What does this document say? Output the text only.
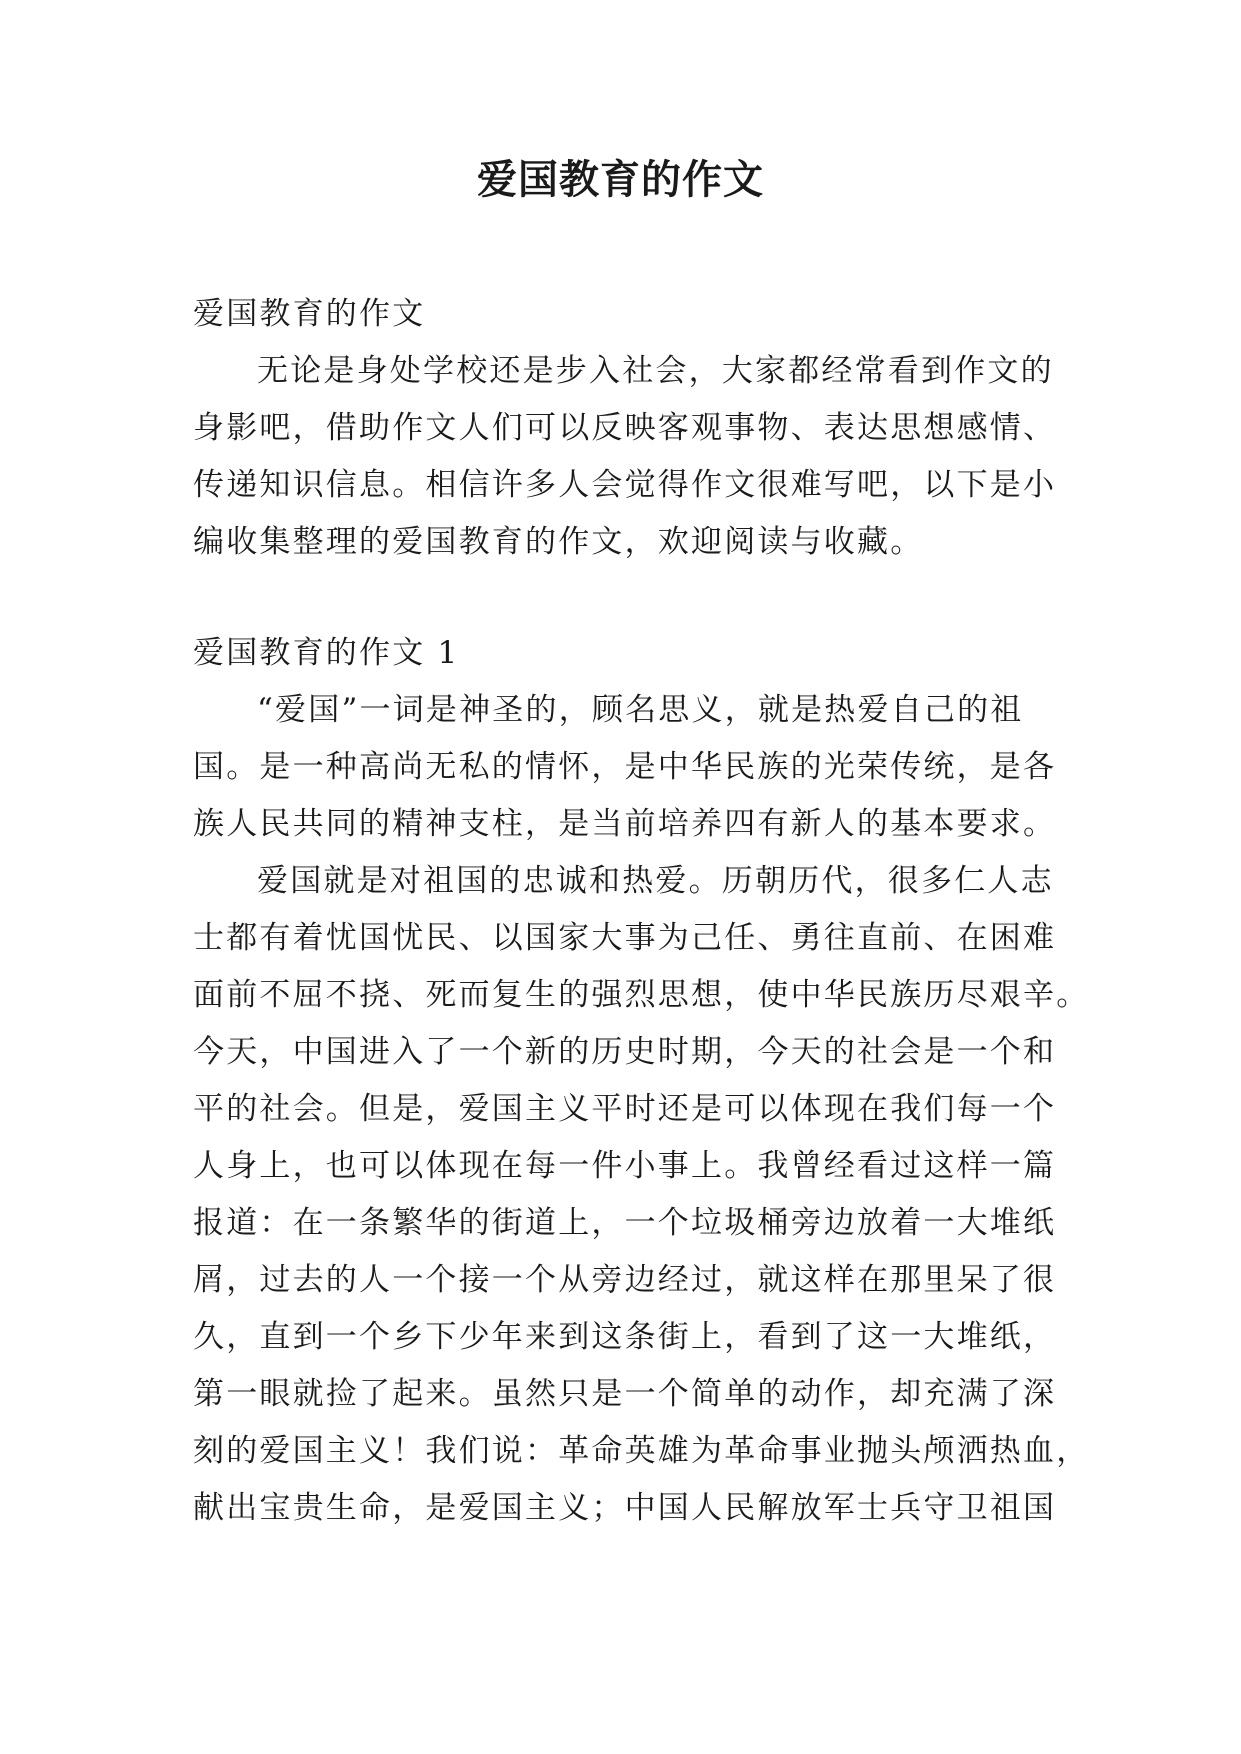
爱国教育的作文

爱国教育的作文

无论是身处学校还是步入社会，大家都经常看到作文的

身影吧，借助作文人们可以反映客观事物、表达思想感情、

传递知识信息。相信许多人会觉得作文很难写吧，以下是小

编收集整理的爱国教育的作文，欢迎阅读与收藏。

爱国教育的作文 1

“爱国”一词是神圣的，顾名思义，就是热爱自己的祖

国。是一种高尚无私的情怀，是中华民族的光荣传统，是各

族人民共同的精神支柱，是当前培养四有新人的基本要求。

爱国就是对祖国的忠诚和热爱。历朝历代，很多仁人志

士都有着忧国忧民、以国家大事为己任、勇往直前、在困难

面前不屈不挠、死而复生的强烈思想，使中华民族历尽艰辛。

今天，中国进入了一个新的历史时期，今天的社会是一个和

平的社会。但是，爱国主义平时还是可以体现在我们每一个

人身上，也可以体现在每一件小事上。我曾经看过这样一篇

报道：在一条繁华的街道上，一个垃圾桶旁边放着一大堆纸

屑，过去的人一个接一个从旁边经过，就这样在那里呆了很

久，直到一个乡下少年来到这条街上，看到了这一大堆纸，

第一眼就捡了起来。虽然只是一个简单的动作，却充满了深

刻的爱国主义！我们说：革命英雄为革命事业抛头颅洒热血，

献出宝贵生命，是爱国主义；中国人民解放军士兵守卫祖国
